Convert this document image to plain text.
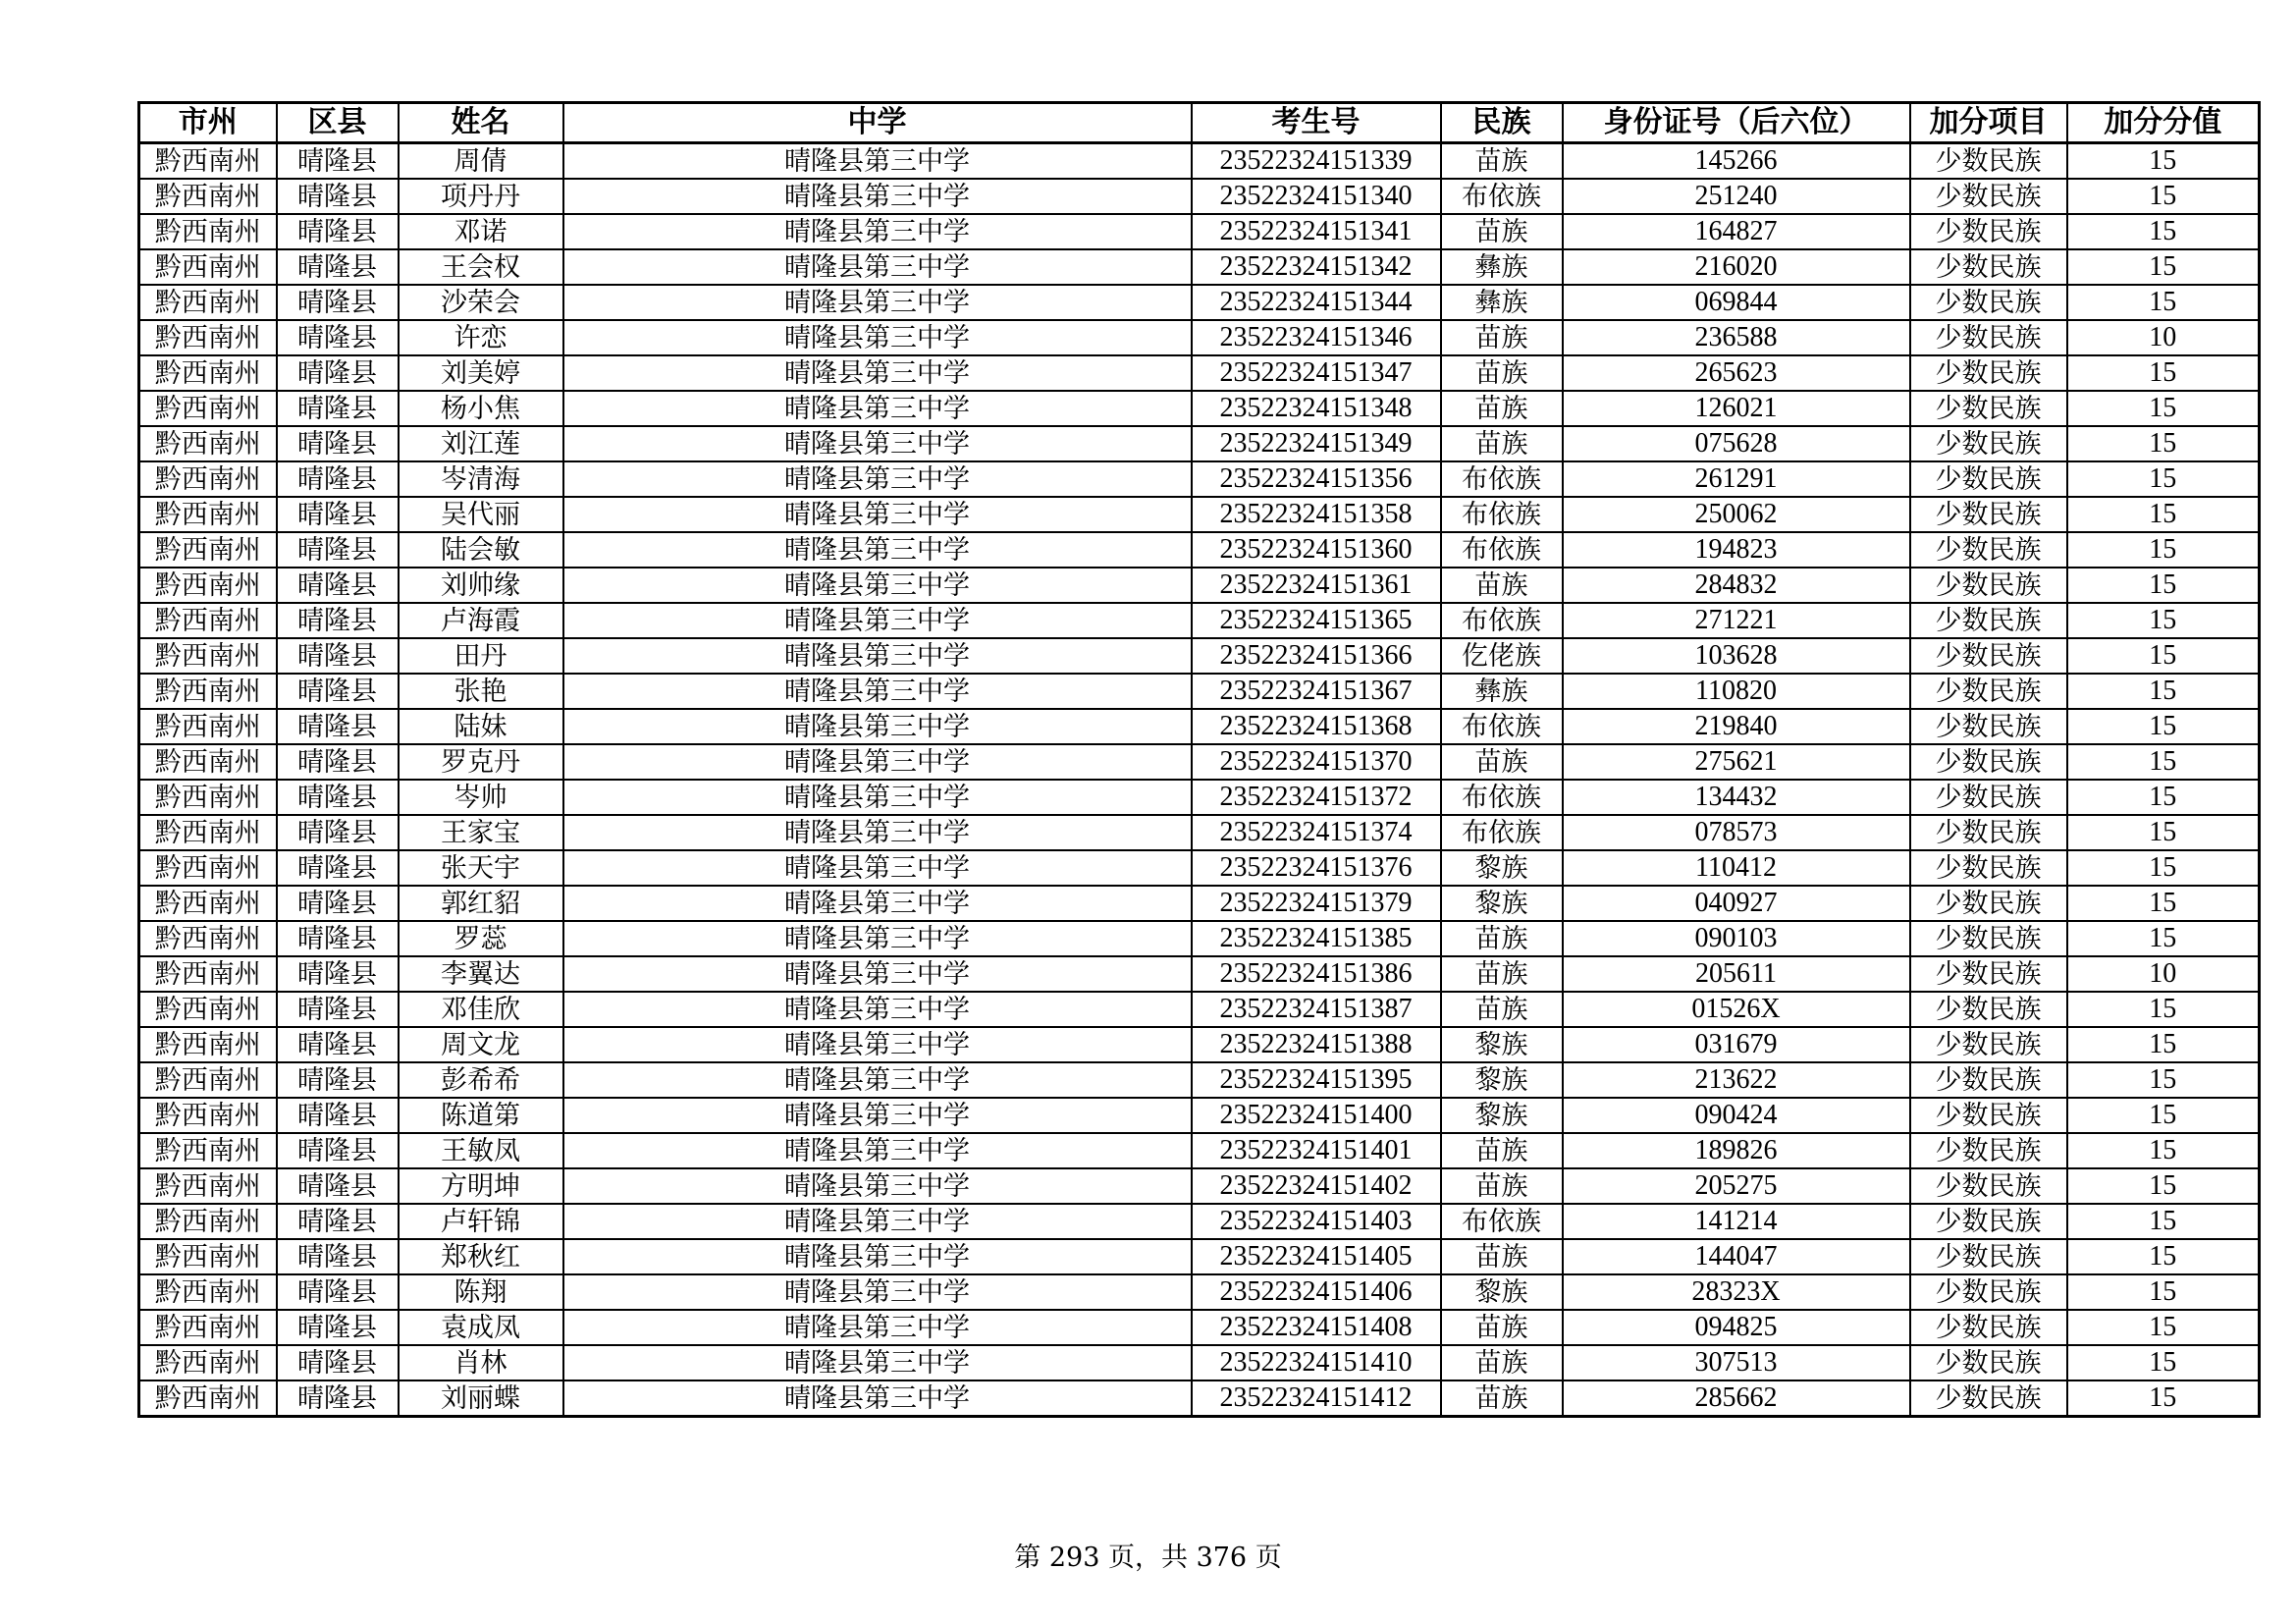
市州	区县	姓名	中学	考生号	民族	身份证号（后六位）	加分项目	加分分值
黔西南州	晴隆县	周倩	晴隆县第三中学	23522324151339	苗族	145266	少数民族	15
黔西南州	晴隆县	项丹丹	晴隆县第三中学	23522324151340	布依族	251240	少数民族	15
黔西南州	晴隆县	邓诺	晴隆县第三中学	23522324151341	苗族	164827	少数民族	15
黔西南州	晴隆县	王会权	晴隆县第三中学	23522324151342	彝族	216020	少数民族	15
黔西南州	晴隆县	沙荣会	晴隆县第三中学	23522324151344	彝族	069844	少数民族	15
黔西南州	晴隆县	许恋	晴隆县第三中学	23522324151346	苗族	236588	少数民族	10
黔西南州	晴隆县	刘美婷	晴隆县第三中学	23522324151347	苗族	265623	少数民族	15
黔西南州	晴隆县	杨小焦	晴隆县第三中学	23522324151348	苗族	126021	少数民族	15
黔西南州	晴隆县	刘江莲	晴隆县第三中学	23522324151349	苗族	075628	少数民族	15
黔西南州	晴隆县	岑清海	晴隆县第三中学	23522324151356	布依族	261291	少数民族	15
黔西南州	晴隆县	吴代丽	晴隆县第三中学	23522324151358	布依族	250062	少数民族	15
黔西南州	晴隆县	陆会敏	晴隆县第三中学	23522324151360	布依族	194823	少数民族	15
黔西南州	晴隆县	刘帅缘	晴隆县第三中学	23522324151361	苗族	284832	少数民族	15
黔西南州	晴隆县	卢海霞	晴隆县第三中学	23522324151365	布依族	271221	少数民族	15
黔西南州	晴隆县	田丹	晴隆县第三中学	23522324151366	仡佬族	103628	少数民族	15
黔西南州	晴隆县	张艳	晴隆县第三中学	23522324151367	彝族	110820	少数民族	15
黔西南州	晴隆县	陆妹	晴隆县第三中学	23522324151368	布依族	219840	少数民族	15
黔西南州	晴隆县	罗克丹	晴隆县第三中学	23522324151370	苗族	275621	少数民族	15
黔西南州	晴隆县	岑帅	晴隆县第三中学	23522324151372	布依族	134432	少数民族	15
黔西南州	晴隆县	王家宝	晴隆县第三中学	23522324151374	布依族	078573	少数民族	15
黔西南州	晴隆县	张天宇	晴隆县第三中学	23522324151376	黎族	110412	少数民族	15
黔西南州	晴隆县	郭红貂	晴隆县第三中学	23522324151379	黎族	040927	少数民族	15
黔西南州	晴隆县	罗蕊	晴隆县第三中学	23522324151385	苗族	090103	少数民族	15
黔西南州	晴隆县	李翼达	晴隆县第三中学	23522324151386	苗族	205611	少数民族	10
黔西南州	晴隆县	邓佳欣	晴隆县第三中学	23522324151387	苗族	01526X	少数民族	15
黔西南州	晴隆县	周文龙	晴隆县第三中学	23522324151388	黎族	031679	少数民族	15
黔西南州	晴隆县	彭希希	晴隆县第三中学	23522324151395	黎族	213622	少数民族	15
黔西南州	晴隆县	陈道第	晴隆县第三中学	23522324151400	黎族	090424	少数民族	15
黔西南州	晴隆县	王敏凤	晴隆县第三中学	23522324151401	苗族	189826	少数民族	15
黔西南州	晴隆县	方明坤	晴隆县第三中学	23522324151402	苗族	205275	少数民族	15
黔西南州	晴隆县	卢轩锦	晴隆县第三中学	23522324151403	布依族	141214	少数民族	15
黔西南州	晴隆县	郑秋红	晴隆县第三中学	23522324151405	苗族	144047	少数民族	15
黔西南州	晴隆县	陈翔	晴隆县第三中学	23522324151406	黎族	28323X	少数民族	15
黔西南州	晴隆县	袁成凤	晴隆县第三中学	23522324151408	苗族	094825	少数民族	15
黔西南州	晴隆县	肖林	晴隆县第三中学	23522324151410	苗族	307513	少数民族	15
黔西南州	晴隆县	刘丽蝶	晴隆县第三中学	23522324151412	苗族	285662	少数民族	15
第 293 页，共 376 页
